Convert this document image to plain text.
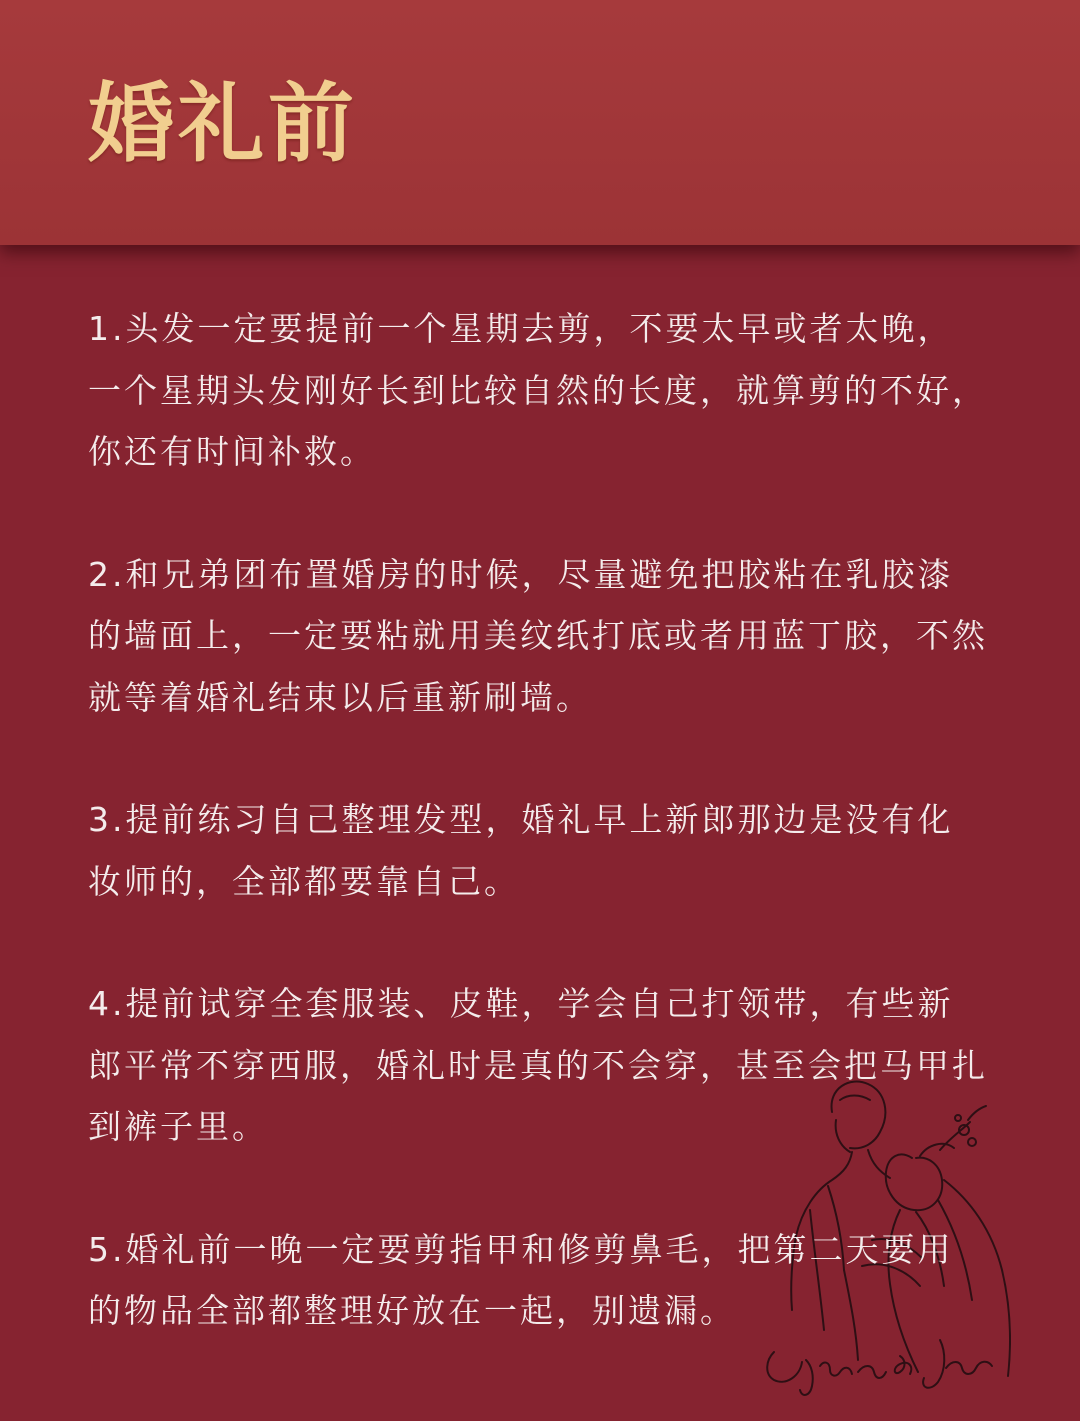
婚礼前

1.头发一定要提前一个星期去剪，不要太早或者太晚，一个星期头发刚好长到比较自然的长度，就算剪的不好，你还有时间补救。

2.和兄弟团布置婚房的时候，尽量避免把胶粘在乳胶漆的墙面上，一定要粘就用美纹纸打底或者用蓝丁胶，不然就等着婚礼结束以后重新刷墙。

3.提前练习自己整理发型，婚礼早上新郎那边是没有化妆师的，全部都要靠自己。

4.提前试穿全套服装、皮鞋，学会自己打领带，有些新郎平常不穿西服，婚礼时是真的不会穿，甚至会把马甲扎到裤子里。

5.婚礼前一晚一定要剪指甲和修剪鼻毛，把第二天要用的物品全部都整理好放在一起，别遗漏。
